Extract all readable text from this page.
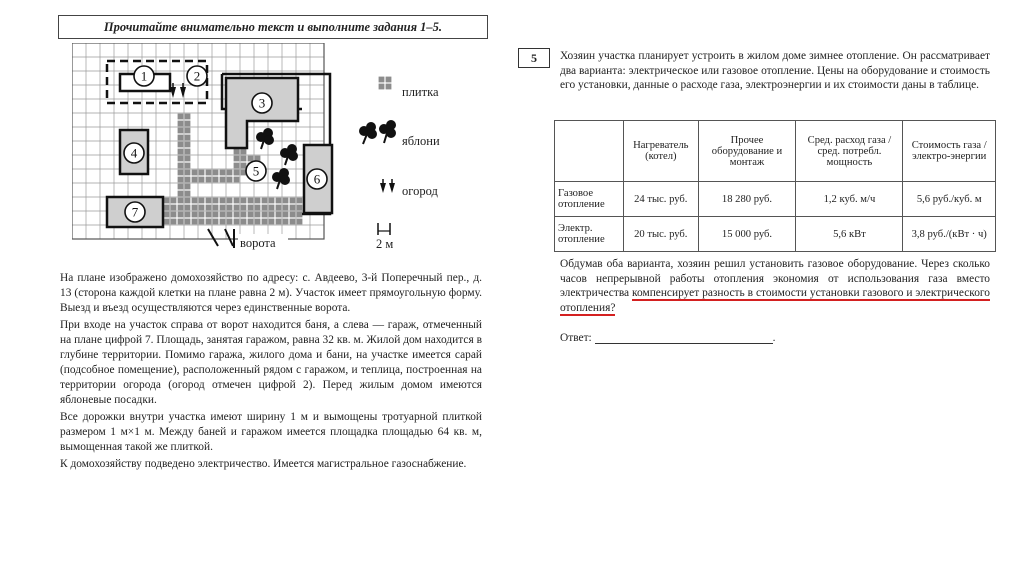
Прочитайте внимательно текст и выполните задания 1–5.
1	2
3
4
5
6
7
плитка
яблони
огород
2 м
ворота

На плане изображено домохозяйство по адресу: с. Авдеево, 3-й Поперечный пер., д. 13 (сторона каждой клетки на плане равна 2 м). Участок имеет прямоугольную форму. Выезд и въезд осуществляются через единственные ворота.

При входе на участок справа от ворот находится баня, а слева — гараж, отмеченный на плане цифрой 7. Площадь, занятая гаражом, равна 32 кв. м. Жилой дом находится в глубине территории. Помимо гаража, жилого дома и бани, на участке имеется сарай (подсобное помещение), расположенный рядом с гаражом, и теплица, построенная на территории огорода (огород отмечен цифрой 2). Перед жилым домом имеются яблоневые посадки.

Все дорожки внутри участка имеют ширину 1 м и вымощены тротуарной плиткой размером 1 м×1 м. Между баней и гаражом имеется площадка площадью 64 кв. м, вымощенная такой же плиткой.

К домохозяйству подведено электричество. Имеется магистральное газоснабжение.

5	Хозяин участка планирует устроить в жилом доме зимнее отопление. Он рассматривает два варианта: электрическое или газовое отопление. Цены на оборудование и стоимость его установки, данные о расходе газа, электроэнергии и их стоимости даны в таблице.
	Нагреватель (котел)	Прочее оборудование и монтаж	Сред. расход газа / сред. потребл. мощность	Стоимость газа / электро-энергии
Газовое отопление	24 тыс. руб.	18 280 руб.	1,2 куб. м/ч	5,6 руб./куб. м
Электр. отопление	20 тыс. руб.	15 000 руб.	5,6 кВт	3,8 руб./(кВт · ч)
Обдумав оба варианта, хозяин решил установить газовое оборудование. Через сколько часов непрерывной работы отопления экономия от использования газа вместо электричества компенсирует разность в стоимости установки газового и электрического отопления?
Ответ:	.
